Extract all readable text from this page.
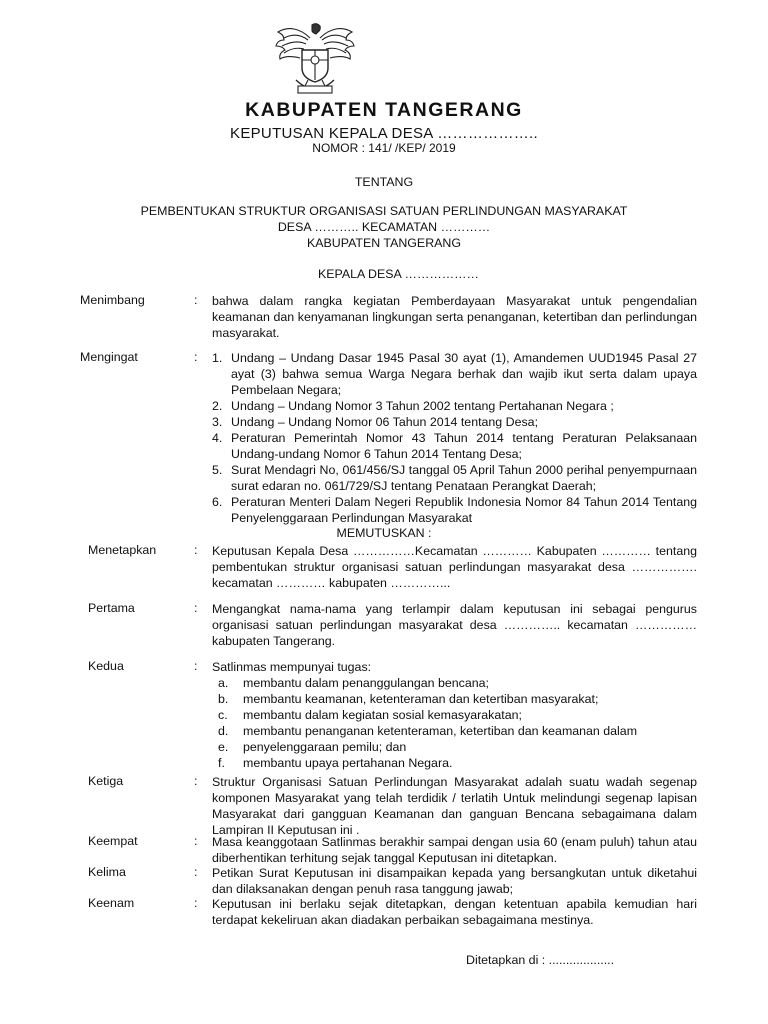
KABUPATEN TANGERANG
KEPUTUSAN KEPALA DESA ………………..
NOMOR : 141/ /KEP/ 2019
TENTANG
PEMBENTUKAN STRUKTUR ORGANISASI SATUAN PERLINDUNGAN MASYARAKAT
DESA ……….. KECAMATAN …………
KABUPATEN TANGERANG
KEPALA DESA ………………
Menimbang	: bahwa dalam rangka kegiatan Pemberdayaan Masyarakat untuk pengendalian keamanan dan kenyamanan lingkungan serta penanganan, ketertiban dan perlindungan masyarakat.
Mengingat	: 1. Undang – Undang Dasar 1945 Pasal 30 ayat (1), Amandemen UUD1945 Pasal 27 ayat (3) bahwa semua Warga Negara berhak dan wajib ikut serta dalam upaya Pembelaan Negara;
2. Undang – Undang Nomor 3 Tahun 2002 tentang Pertahanan Negara ;
3. Undang – Undang Nomor 06 Tahun 2014 tentang Desa;
4. Peraturan Pemerintah Nomor 43 Tahun 2014 tentang Peraturan Pelaksanaan Undang-undang Nomor 6 Tahun 2014 Tentang Desa;
5. Surat Mendagri No, 061/456/SJ tanggal 05 April Tahun 2000 perihal penyempurnaan surat edaran no. 061/729/SJ tentang Penataan Perangkat Daerah;
6. Peraturan Menteri Dalam Negeri Republik Indonesia Nomor 84 Tahun 2014 Tentang Penyelenggaraan Perlindungan Masyarakat
MEMUTUSKAN :
Menetapkan	: Keputusan Kepala Desa ……………Kecamatan ………… Kabupaten ………… tentang pembentukan struktur organisasi satuan perlindungan masyarakat desa ……………. kecamatan ………… kabupaten …………...
Pertama	: Mengangkat nama-nama yang terlampir dalam keputusan ini sebagai pengurus organisasi satuan perlindungan masyarakat desa ………….. kecamatan …………… kabupaten Tangerang.
Kedua	: Satlinmas mempunyai tugas:
a. membantu dalam penanggulangan bencana;
b. membantu keamanan, ketenteraman dan ketertiban masyarakat;
c. membantu dalam kegiatan sosial kemasyarakatan;
d. membantu penanganan ketenteraman, ketertiban dan keamanan dalam
e. penyelenggaraan pemilu; dan
f. membantu upaya pertahanan Negara.
Ketiga	: Struktur Organisasi Satuan Perlindungan Masyarakat adalah suatu wadah segenap komponen Masyarakat yang telah terdidik / terlatih Untuk melindungi segenap lapisan Masyarakat dari gangguan Keamanan dan ganguan Bencana sebagaimana dalam Lampiran II Keputusan ini .
Keempat	: Masa keanggotaan Satlinmas berakhir sampai dengan usia 60 (enam puluh) tahun atau diberhentikan terhitung sejak tanggal Keputusan ini ditetapkan.
Kelima	: Petikan Surat Keputusan ini disampaikan kepada yang bersangkutan untuk diketahui dan dilaksanakan dengan penuh rasa tanggung jawab;
Keenam	: Keputusan ini berlaku sejak ditetapkan, dengan ketentuan apabila kemudian hari terdapat kekeliruan akan diadakan perbaikan sebagaimana mestinya.
Ditetapkan di : ...................
